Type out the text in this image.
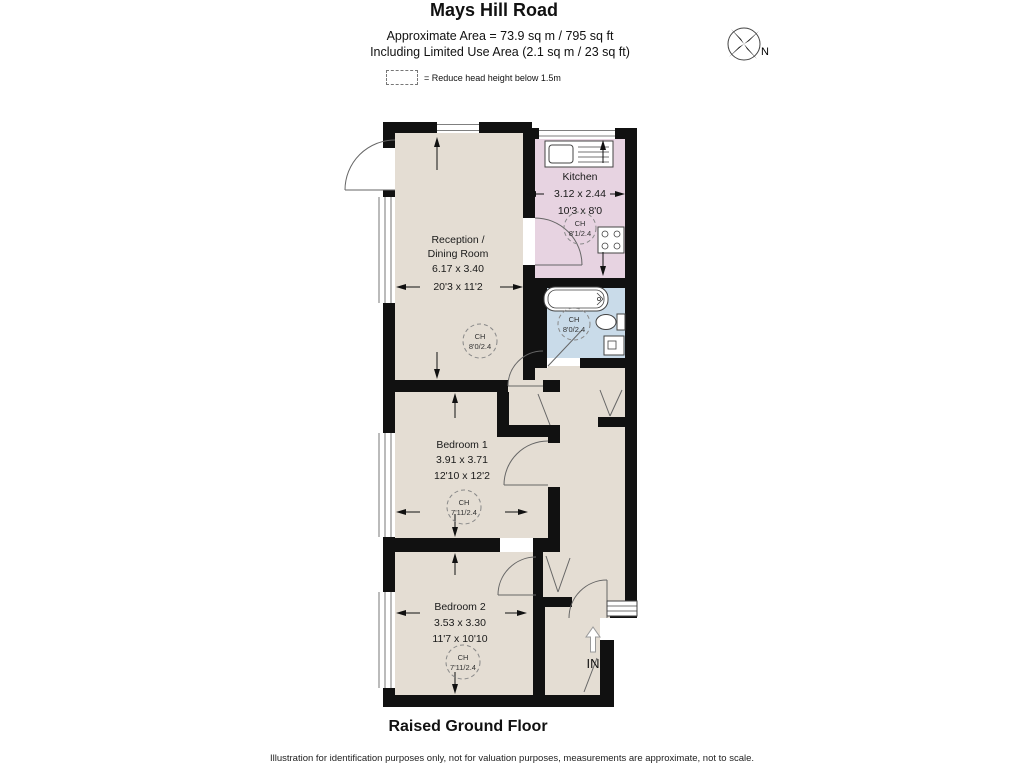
Mays Hill Road
Approximate Area = 73.9 sq m / 795 sq ft
Including Limited Use Area (2.1 sq m / 23 sq ft)
= Reduce head height below 1.5m
N
Kitchen
3.12 x 2.44
10'3 x 8'0
Reception /
Dining Room
6.17 x 3.40
20'3 x 11'2
Bedroom 1
3.91 x 3.71
12'10 x 12'2
Bedroom 2
3.53 x 3.30
11'7 x 10'10
CH
8'1/2.4
CH
8'0/2.4
CH
8'0/2.4
CH
7'11/2.4
CH
7'11/2.4	IN
Raised Ground Floor
Illustration for identification purposes only, not for valuation purposes, measurements are approximate, not to scale.
